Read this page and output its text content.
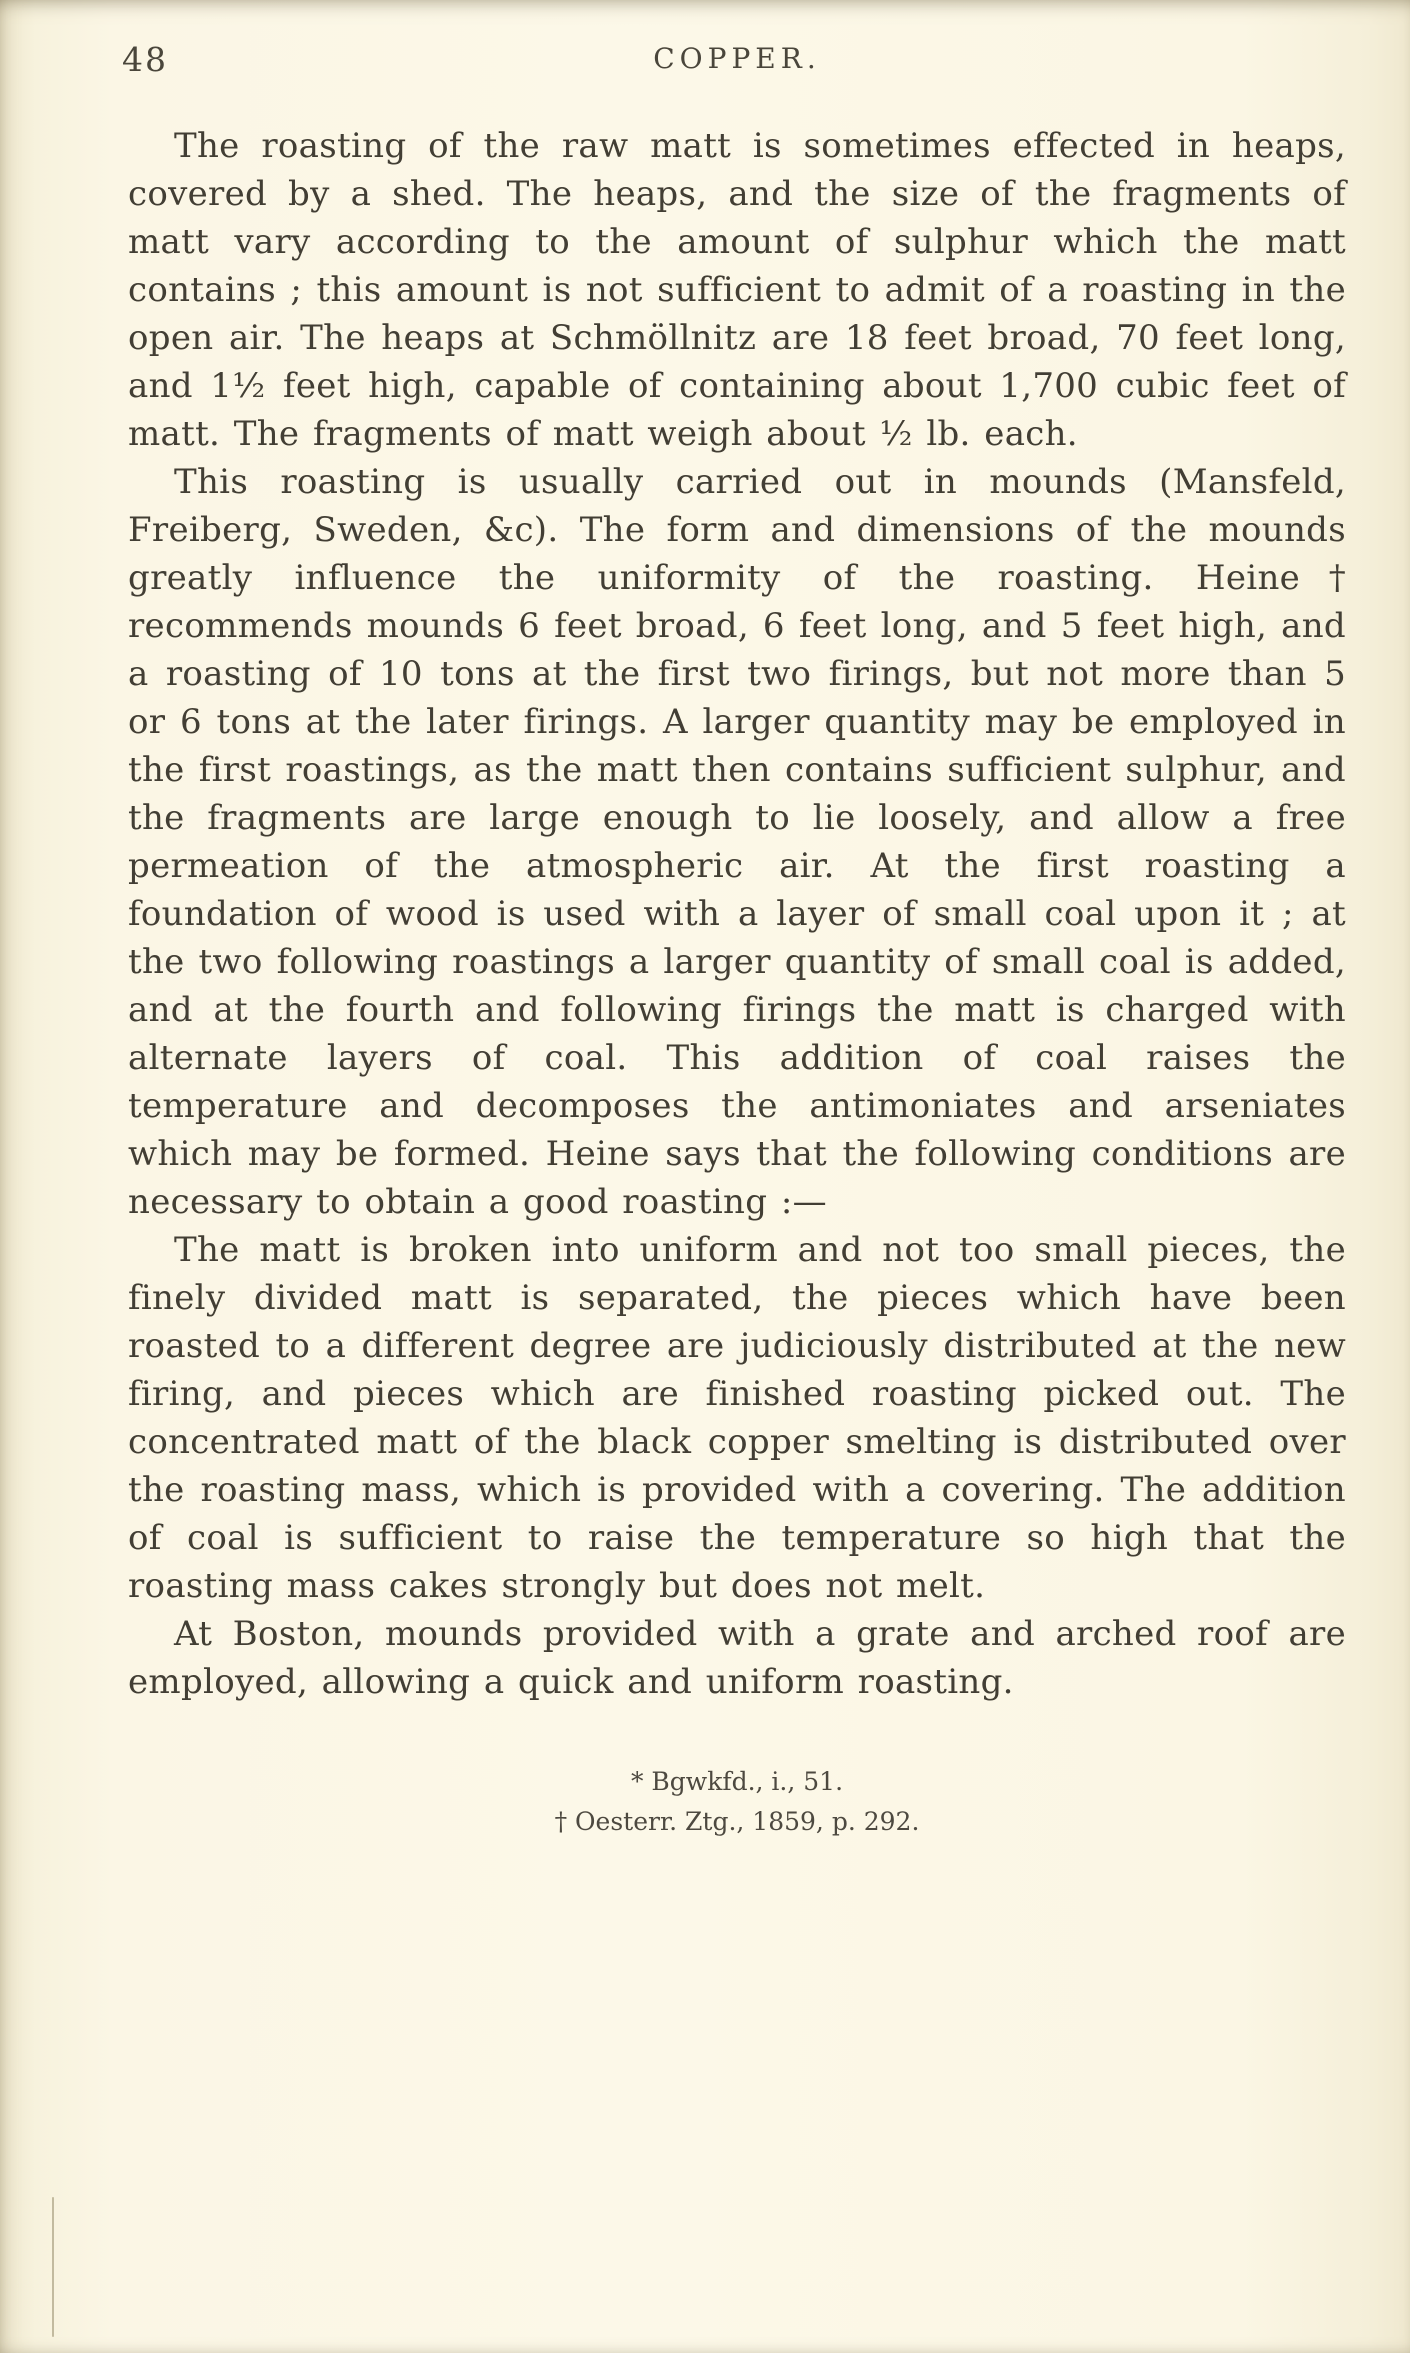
48	COPPER.

The roasting of the raw matt is sometimes effected in heaps, covered by a shed. The heaps, and the size of the fragments of matt vary according to the amount of sulphur which the matt contains ; this amount is not sufficient to admit of a roasting in the open air. The heaps at Schmöllnitz are 18 feet broad, 70 feet long, and 1½ feet high, capable of containing about 1,700 cubic feet of matt. The fragments of matt weigh about ½ lb. each.

This roasting is usually carried out in mounds (Mansfeld, Freiberg, Sweden, &c). The form and dimensions of the mounds greatly influence the uniformity of the roasting. Heine† recommends mounds 6 feet broad, 6 feet long, and 5 feet high, and a roasting of 10 tons at the first two firings, but not more than 5 or 6 tons at the later firings. A larger quantity may be employed in the first roastings, as the matt then contains sufficient sulphur, and the fragments are large enough to lie loosely, and allow a free permeation of the atmospheric air. At the first roasting a foundation of wood is used with a layer of small coal upon it ; at the two following roastings a larger quantity of small coal is added, and at the fourth and following firings the matt is charged with alternate layers of coal. This addition of coal raises the temperature and decomposes the antimoniates and arseniates which may be formed. Heine says that the following conditions are necessary to obtain a good roasting :—

The matt is broken into uniform and not too small pieces, the finely divided matt is separated, the pieces which have been roasted to a different degree are judiciously distributed at the new firing, and pieces which are finished roasting picked out. The concentrated matt of the black copper smelting is distributed over the roasting mass, which is provided with a covering. The addition of coal is sufficient to raise the temperature so high that the roasting mass cakes strongly but does not melt.

At Boston, mounds provided with a grate and arched roof are employed, allowing a quick and uniform roasting.

* Bgwkfd., i., 51.
† Oesterr. Ztg., 1859, p. 292.
